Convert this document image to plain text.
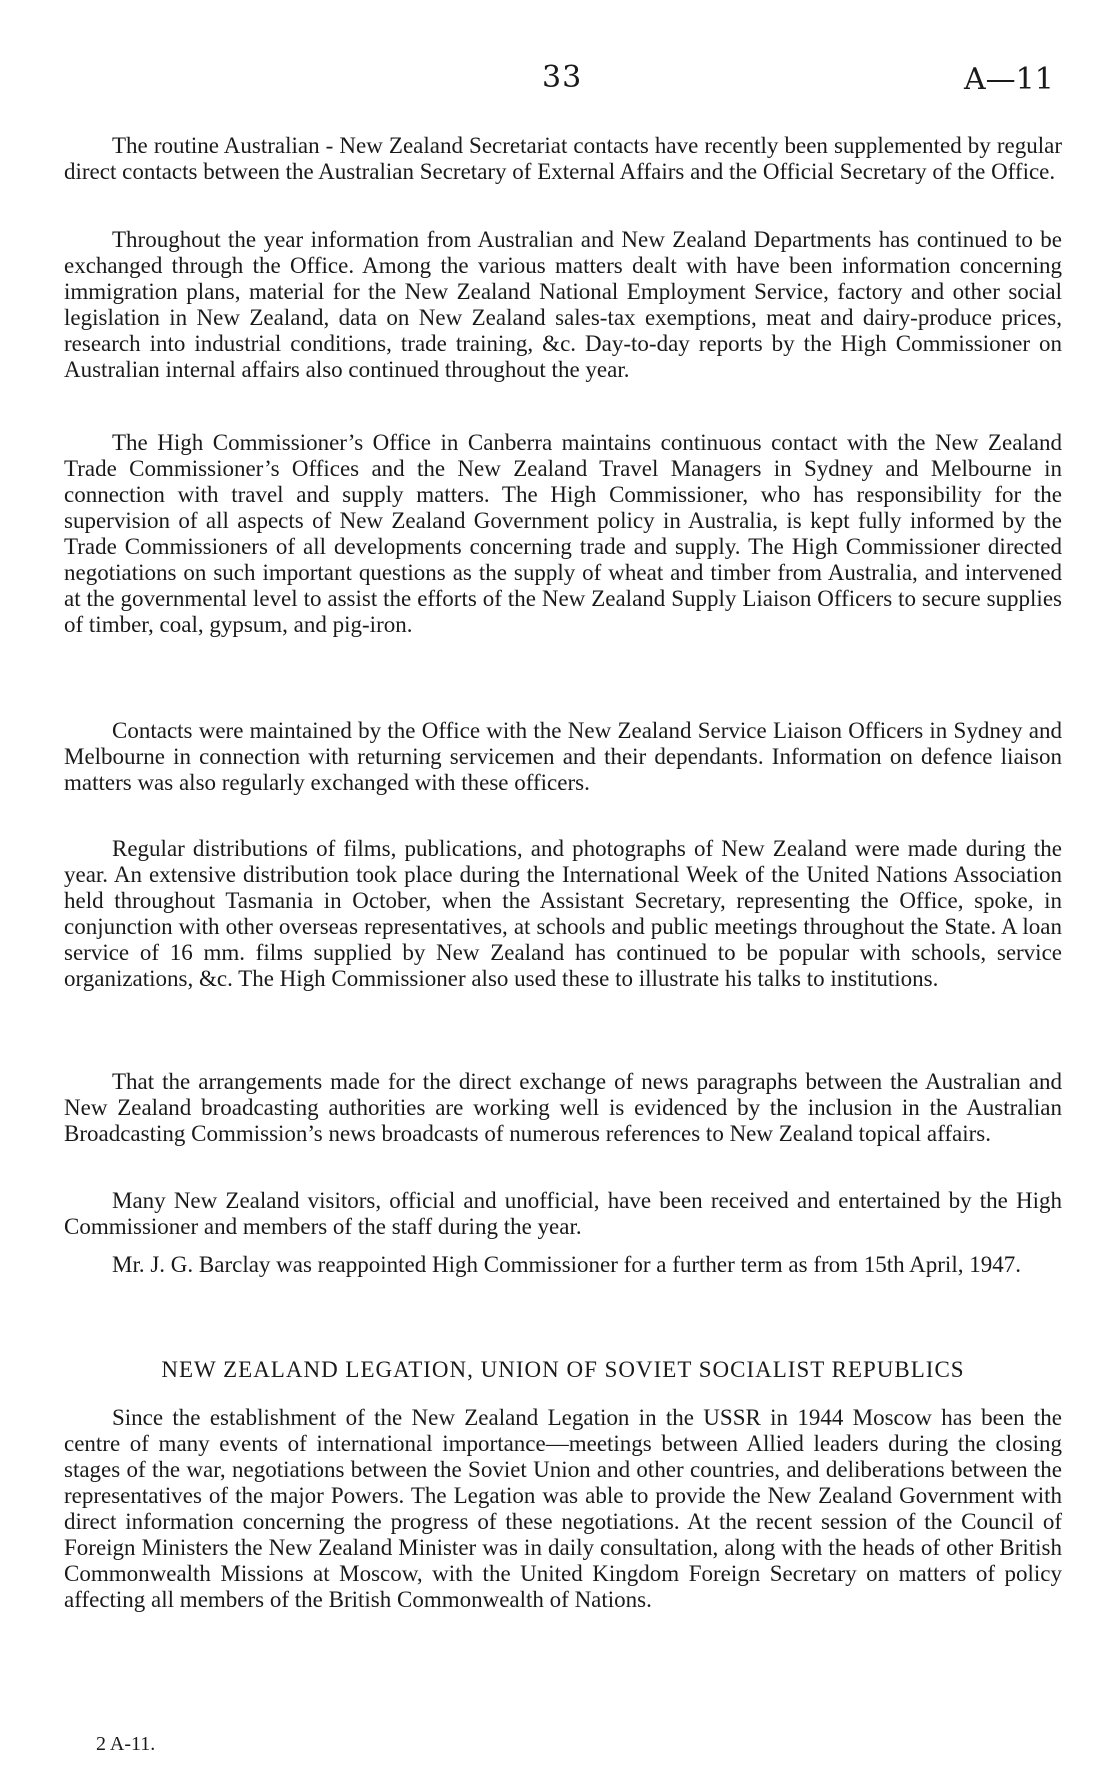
33	A—11

The routine Australian - New Zealand Secretariat contacts have recently been supplemented by regular direct contacts between the Australian Secretary of External Affairs and the Official Secretary of the Office.

Throughout the year information from Australian and New Zealand Departments has continued to be exchanged through the Office. Among the various matters dealt with have been information concerning immigration plans, material for the New Zealand National Employment Service, factory and other social legislation in New Zealand, data on New Zealand sales-tax exemptions, meat and dairy-produce prices, research into industrial conditions, trade training, &c. Day-to-day reports by the High Commissioner on Australian internal affairs also continued throughout the year.

The High Commissioner’s Office in Canberra maintains continuous contact with the New Zealand Trade Commissioner’s Offices and the New Zealand Travel Managers in Sydney and Melbourne in connection with travel and supply matters. The High Commissioner, who has responsibility for the supervision of all aspects of New Zealand Government policy in Australia, is kept fully informed by the Trade Commissioners of all developments concerning trade and supply. The High Commissioner directed negotiations on such important questions as the supply of wheat and timber from Australia, and intervened at the governmental level to assist the efforts of the New Zealand Supply Liaison Officers to secure supplies of timber, coal, gypsum, and pig-iron.

Contacts were maintained by the Office with the New Zealand Service Liaison Officers in Sydney and Melbourne in connection with returning servicemen and their dependants. Information on defence liaison matters was also regularly exchanged with these officers.

Regular distributions of films, publications, and photographs of New Zealand were made during the year. An extensive distribution took place during the International Week of the United Nations Association held throughout Tasmania in October, when the Assistant Secretary, representing the Office, spoke, in conjunction with other overseas representatives, at schools and public meetings throughout the State. A loan service of 16 mm. films supplied by New Zealand has continued to be popular with schools, service organizations, &c. The High Commissioner also used these to illustrate his talks to institutions.

That the arrangements made for the direct exchange of news paragraphs between the Australian and New Zealand broadcasting authorities are working well is evidenced by the inclusion in the Australian Broadcasting Commission’s news broadcasts of numerous references to New Zealand topical affairs.

Many New Zealand visitors, official and unofficial, have been received and entertained by the High Commissioner and members of the staff during the year.

Mr. J. G. Barclay was reappointed High Commissioner for a further term as from 15th April, 1947.

NEW ZEALAND LEGATION, UNION OF SOVIET SOCIALIST REPUBLICS

Since the establishment of the New Zealand Legation in the USSR in 1944 Moscow has been the centre of many events of international importance—meetings between Allied leaders during the closing stages of the war, negotiations between the Soviet Union and other countries, and deliberations between the representatives of the major Powers. The Legation was able to provide the New Zealand Government with direct information concerning the progress of these negotiations. At the recent session of the Council of Foreign Ministers the New Zealand Minister was in daily consultation, along with the heads of other British Commonwealth Missions at Moscow, with the United Kingdom Foreign Secretary on matters of policy affecting all members of the British Commonwealth of Nations.

2 A-11.
